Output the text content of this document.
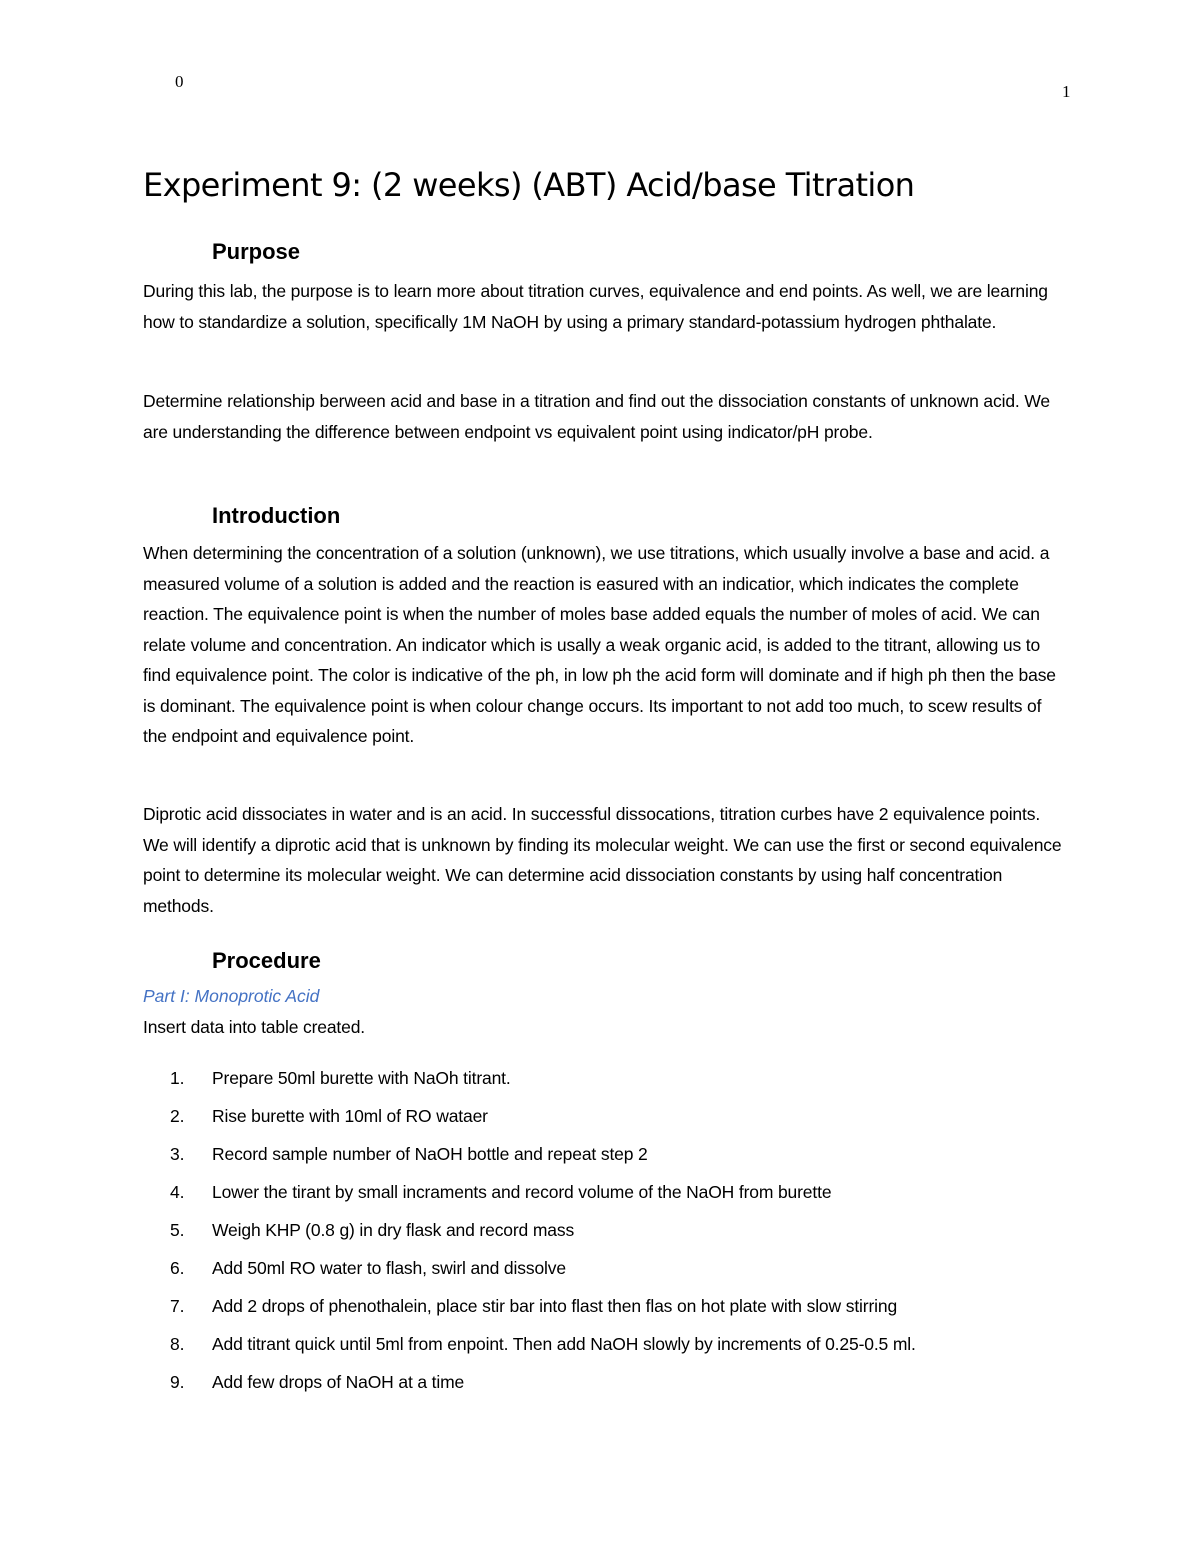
0
1
Experiment 9: (2 weeks) (ABT) Acid/base Titration
Purpose

During this lab, the purpose is to learn more about titration curves, equivalence and end points. As well, we are learning how to standardize a solution, specifically 1M NaOH by using a primary standard-potassium hydrogen phthalate.

Determine relationship berween acid and base in a titration and find out the dissociation constants of unknown acid. We are understanding the difference between endpoint vs equivalent point using indicator/pH probe.

Introduction

When determining the concentration of a solution (unknown), we use titrations, which usually involve a base and acid. a measured volume of a solution is added and the reaction is easured with an indicatior, which indicates the complete reaction. The equivalence point is when the number of moles base added equals the number of moles of acid. We can relate volume and concentration. An indicator which is usally a weak organic acid, is added to the titrant, allowing us to find equivalence point. The color is indicative of the ph, in low ph the acid form will dominate and if high ph then the base is dominant. The equivalence point is when colour change occurs. Its important to not add too much, to scew results of the endpoint and equivalence point.

Diprotic acid dissociates in water and is an acid. In successful dissocations, titration curbes have 2 equivalence points. We will identify a diprotic acid that is unknown by finding its molecular weight. We can use the first or second equivalence point to determine its molecular weight. We can determine acid dissociation constants by using half concentration methods.

Procedure
Part I: Monoprotic Acid

Insert data into table created.

1. Prepare 50ml burette with NaOh titrant.
2. Rise burette with 10ml of RO wataer
3. Record sample number of NaOH bottle and repeat step 2
4. Lower the tirant by small incraments and record volume of the NaOH from burette
5. Weigh KHP (0.8 g) in dry flask and record mass
6. Add 50ml RO water to flash, swirl and dissolve
7. Add 2 drops of phenothalein, place stir bar into flast then flas on hot plate with slow stirring
8. Add titrant quick until 5ml from enpoint. Then add NaOH slowly by increments of 0.25-0.5 ml.
9. Add few drops of NaOH at a time
